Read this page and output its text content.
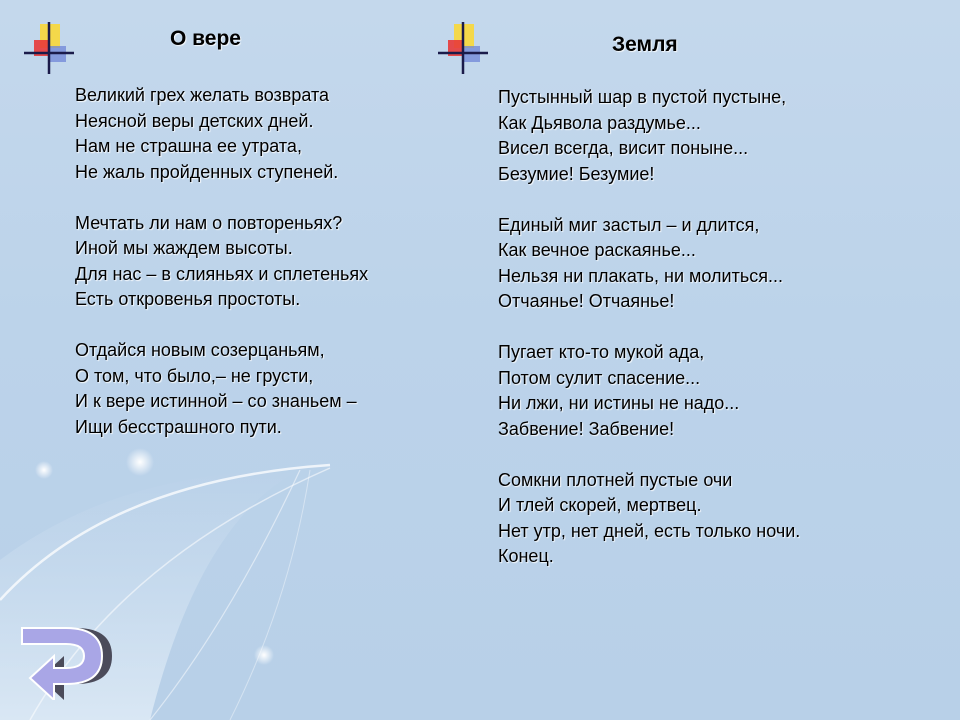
О вере	Земля

Великий грех желать возврата
Неясной веры детских дней.
Нам не страшна ее утрата,
Не жаль пройденных ступеней.

Мечтать ли нам о повтореньях?
Иной мы жаждем высоты.
Для нас – в слияньях и сплетеньях
Есть откровенья простоты.

Отдайся новым созерцаньям,
О том, что было,– не грусти,
И к вере истинной – со знаньем –
Ищи бесстрашного пути.

Пустынный шар в пустой пустыне,
Как Дьявола раздумье...
Висел всегда, висит поныне...
Безумие! Безумие!

Единый миг застыл – и длится,
Как вечное раскаянье...
Нельзя ни плакать, ни молиться...
Отчаянье! Отчаянье!

Пугает кто-то мукой ада,
Потом сулит спасение...
Ни лжи, ни истины не надо...
Забвение! Забвение!

Сомкни плотней пустые очи
И тлей скорей, мертвец.
Нет утр, нет дней, есть только ночи.
Конец.
